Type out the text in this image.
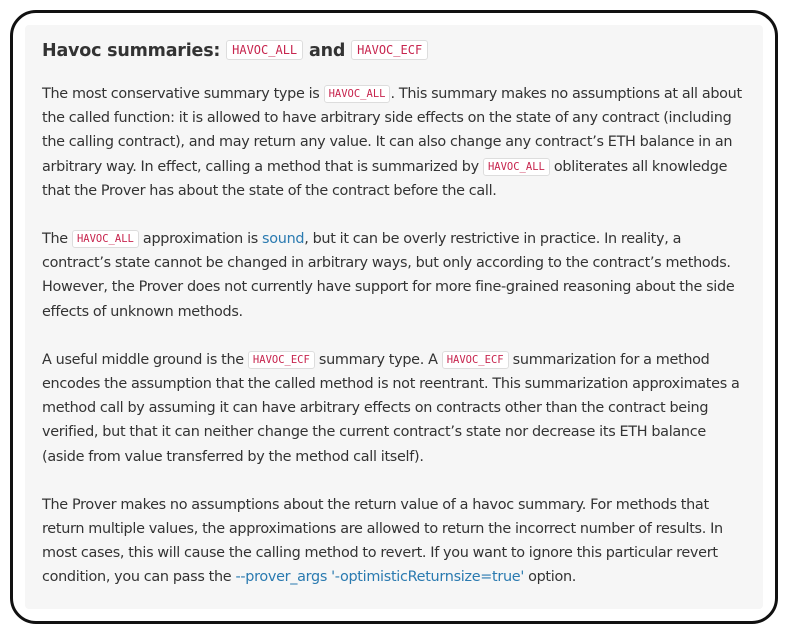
Havoc summaries: HAVOC_ALL and HAVOC_ECF

The most conservative summary type is HAVOC_ALL . This summary makes no assumptions at all about the called function: it is allowed to have arbitrary side effects on the state of any contract (including the calling contract), and may return any value. It can also change any contract’s ETH balance in an arbitrary way. In effect, calling a method that is summarized by HAVOC_ALL obliterates all knowledge that the Prover has about the state of the contract before the call.

The HAVOC_ALL approximation is sound, but it can be overly restrictive in practice. In reality, a contract’s state cannot be changed in arbitrary ways, but only according to the contract’s methods. However, the Prover does not currently have support for more fine-grained reasoning about the side effects of unknown methods.

A useful middle ground is the HAVOC_ECF summary type. A HAVOC_ECF summarization for a method encodes the assumption that the called method is not reentrant. This summarization approximates a method call by assuming it can have arbitrary effects on contracts other than the contract being verified, but that it can neither change the current contract’s state nor decrease its ETH balance (aside from value transferred by the method call itself).

The Prover makes no assumptions about the return value of a havoc summary. For methods that return multiple values, the approximations are allowed to return the incorrect number of results. In most cases, this will cause the calling method to revert. If you want to ignore this particular revert condition, you can pass the --prover_args '-optimisticReturnsize=true' option.
